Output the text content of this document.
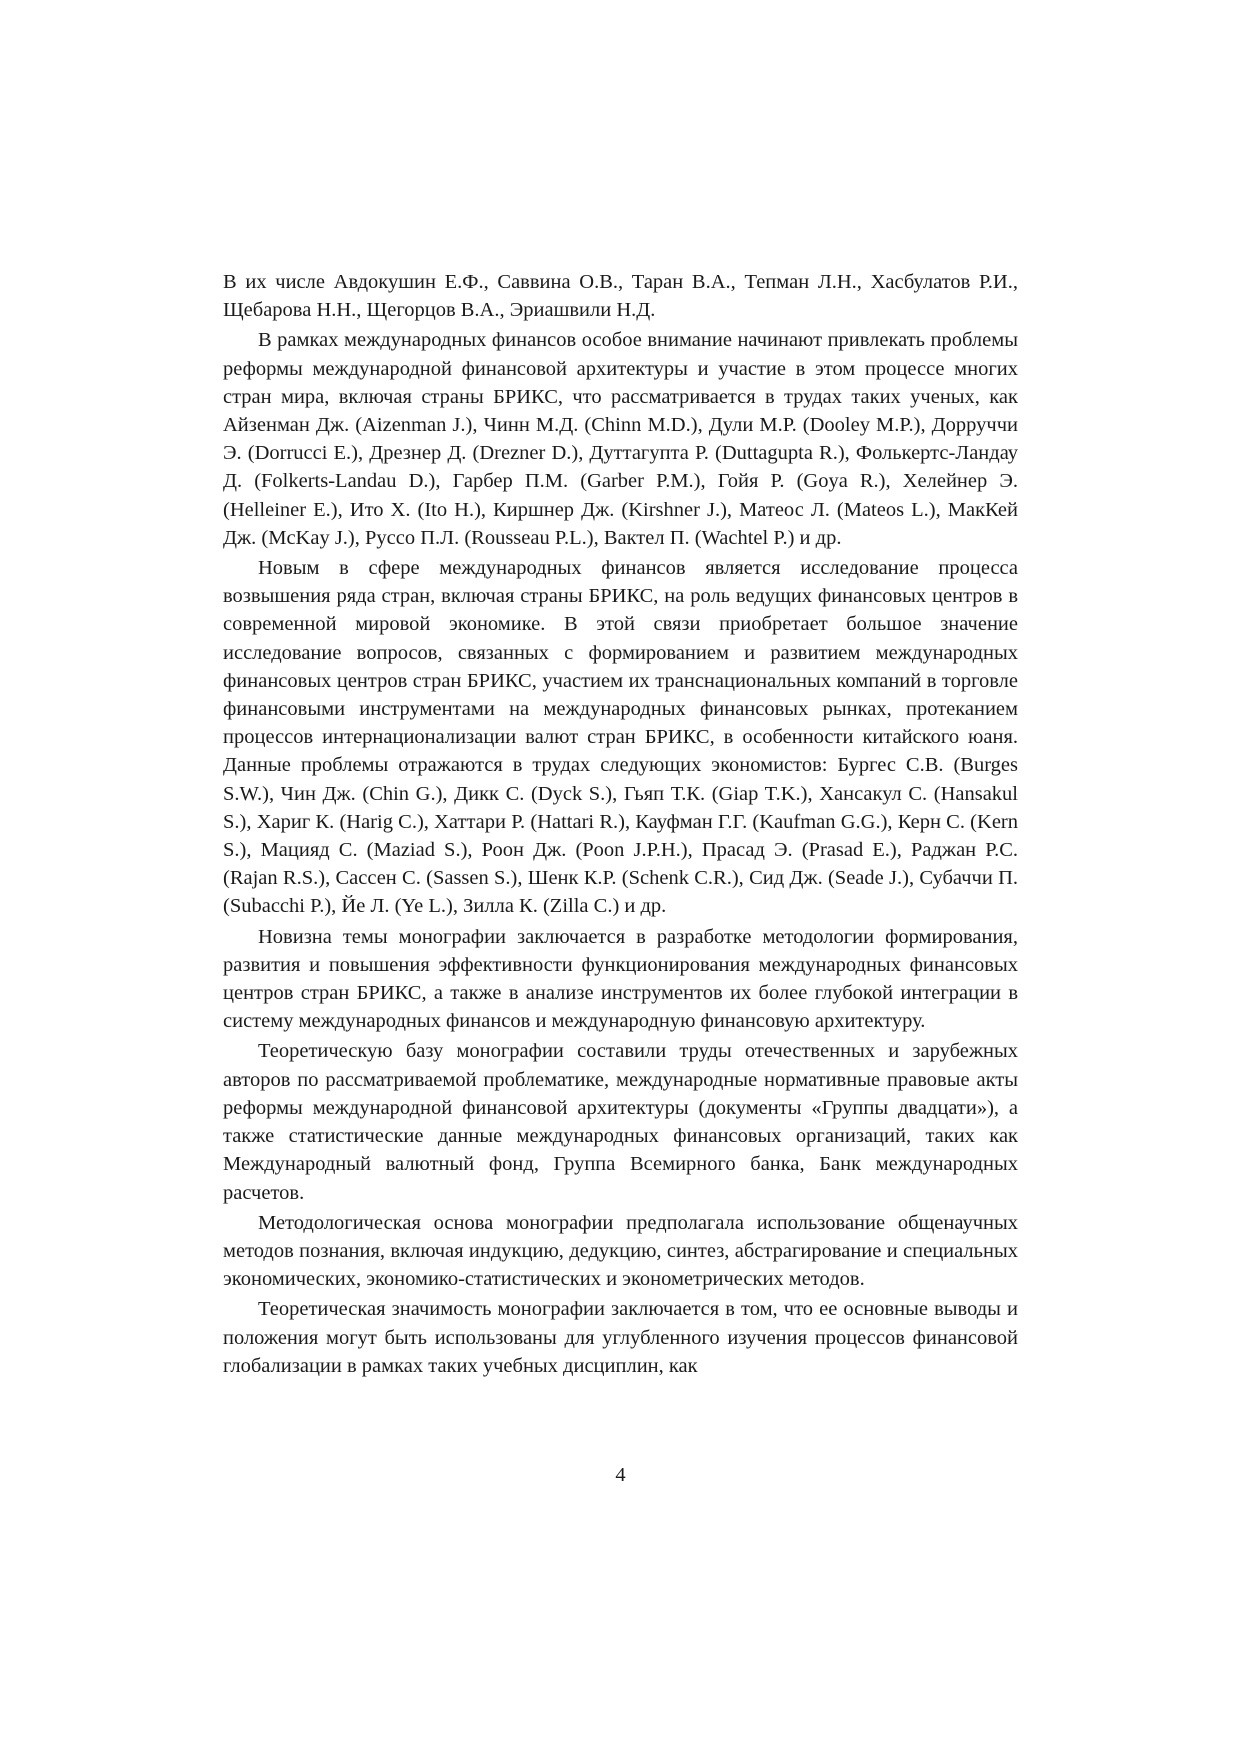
В их числе Авдокушин Е.Ф., Саввина О.В., Таран В.А., Тепман Л.Н., Хасбулатов Р.И., Щебарова Н.Н., Щегорцов В.А., Эриашвили Н.Д.

В рамках международных финансов особое внимание начинают привлекать проблемы реформы международной финансовой архитектуры и участие в этом процессе многих стран мира, включая страны БРИКС, что рассматривается в трудах таких ученых, как Айзенман Дж. (Aizenman J.), Чинн М.Д. (Chinn M.D.), Дули М.Р. (Dooley M.P.), Дорруччи Э. (Dorrucci E.), Дрезнер Д. (Drezner D.), Дуттагупта Р. (Duttagupta R.), Фолькертс-Ландау Д. (Folkerts-Landau D.), Гарбер П.М. (Garber P.M.), Гойя Р. (Goya R.), Хелейнер Э. (Helleiner E.), Ито Х. (Ito H.), Киршнер Дж. (Kirshner J.), Матеос Л. (Mateos L.), МакКей Дж. (McKay J.), Руссо П.Л. (Rousseau P.L.), Вактел П. (Wachtel P.) и др.

Новым в сфере международных финансов является исследование процесса возвышения ряда стран, включая страны БРИКС, на роль ведущих финансовых центров в современной мировой экономике. В этой связи приобретает большое значение исследование вопросов, связанных с формированием и развитием международных финансовых центров стран БРИКС, участием их транснациональных компаний в торговле финансовыми инструментами на международных финансовых рынках, протеканием процессов интернационализации валют стран БРИКС, в особенности китайского юаня. Данные проблемы отражаются в трудах следующих экономистов: Бургес С.В. (Burges S.W.), Чин Дж. (Chin G.), Дикк С. (Dyck S.), Гьяп Т.К. (Giap T.K.), Хансакул С. (Hansakul S.), Хариг К. (Harig C.), Хаттари Р. (Hattari R.), Кауфман Г.Г. (Kaufman G.G.), Керн С. (Kern S.), Мацияд С. (Maziad S.), Роон Дж. (Poon J.P.H.), Прасад Э. (Prasad E.), Раджан Р.С. (Rajan R.S.), Сассен С. (Sassen S.), Шенк К.Р. (Schenk C.R.), Сид Дж. (Seade J.), Субаччи П. (Subacchi P.), Йе Л. (Ye L.), Зилла К. (Zilla C.) и др.

Новизна темы монографии заключается в разработке методологии формирования, развития и повышения эффективности функционирования международных финансовых центров стран БРИКС, а также в анализе инструментов их более глубокой интеграции в систему международных финансов и международную финансовую архитектуру.

Теоретическую базу монографии составили труды отечественных и зарубежных авторов по рассматриваемой проблематике, международные нормативные правовые акты реформы международной финансовой архитектуры (документы «Группы двадцати»), а также статистические данные международных финансовых организаций, таких как Международный валютный фонд, Группа Всемирного банка, Банк международных расчетов.

Методологическая основа монографии предполагала использование общенаучных методов познания, включая индукцию, дедукцию, синтез, абстрагирование и специальных экономических, экономико-статистических и эконометрических методов.

Теоретическая значимость монографии заключается в том, что ее основные выводы и положения могут быть использованы для углубленного изучения процессов финансовой глобализации в рамках таких учебных дисциплин, как

4
